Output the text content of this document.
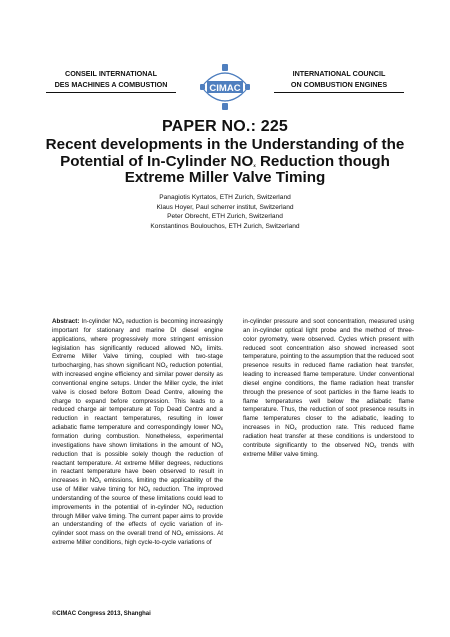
CONSEIL INTERNATIONAL
DES MACHINES A COMBUSTION	CIMAC
INTERNATIONAL COUNCIL
ON COMBUSTION ENGINES
PAPER NO.: 225
Recent developments in the Understanding of the
Potential of In-Cylinder $NO_x$ Reduction though
Extreme Miller Valve Timing
Panagiotis Kyrtatos, ETH Zurich, Switzerland
Klaus Hoyer, Paul scherrer institut, Switzerland
Peter Obrecht, ETH Zurich, Switzerland
Konstantinos Boulouchos, ETH Zurich, Switzerland
Abstract: In-cylinder $NO_x$ reduction is becoming increasingly important for stationary and marine DI diesel engine applications, where progressively more stringent emission legislation has significantly reduced allowed $NO_x$ limits. Extreme Miller Valve timing, coupled with two-stage turbocharging, has shown significant $NO_x$ reduction potential, with increased engine efficiency and similar power density as conventional engine setups. Under the Miller cycle, the inlet valve is closed before Bottom Dead Centre, allowing the charge to expand before compression. This leads to a reduced charge air temperature at Top Dead Centre and a reduction in reactant temperatures, resulting in lower adiabatic flame temperature and correspondingly lower $NO_x$ formation during combustion. Nonetheless, experimental investigations have shown limitations in the amount of $NO_x$ reduction that is possible solely though the reduction of reactant temperature. At extreme Miller degrees, reductions in reactant temperature have been observed to result in increases in $NO_x$ emissions, limiting the applicability of the use of Miller valve timing for $NO_x$ reduction. The improved understanding of the source of these limitations could lead to improvements in the potential of in-cylinder $NO_x$ reduction through Miller valve timing. The current paper aims to provide an understanding of the effects of cyclic variation of in-cylinder soot mass on the overall trend of $NO_x$ emissions. At extreme Miller conditions, high cycle-to-cycle variations of
in-cylinder pressure and soot concentration, measured using an in-cylinder optical light probe and the method of three-color pyrometry, were observed. Cycles which present with reduced soot concentration also showed increased soot temperature, pointing to the assumption that the reduced soot presence results in reduced flame radiation heat transfer, leading to increased flame temperature. Under conventional diesel engine conditions, the flame radiation heat transfer through the presence of soot particles in the flame leads to flame temperatures well below the adiabatic flame temperature. Thus, the reduction of soot presence results in flame temperatures closer to the adiabatic, leading to increases in $NO_x$ production rate. This reduced flame radiation heat transfer at these conditions is understood to contribute significantly to the observed $NO_x$ trends with extreme Miller valve timing.
©CIMAC Congress 2013, Shanghai
